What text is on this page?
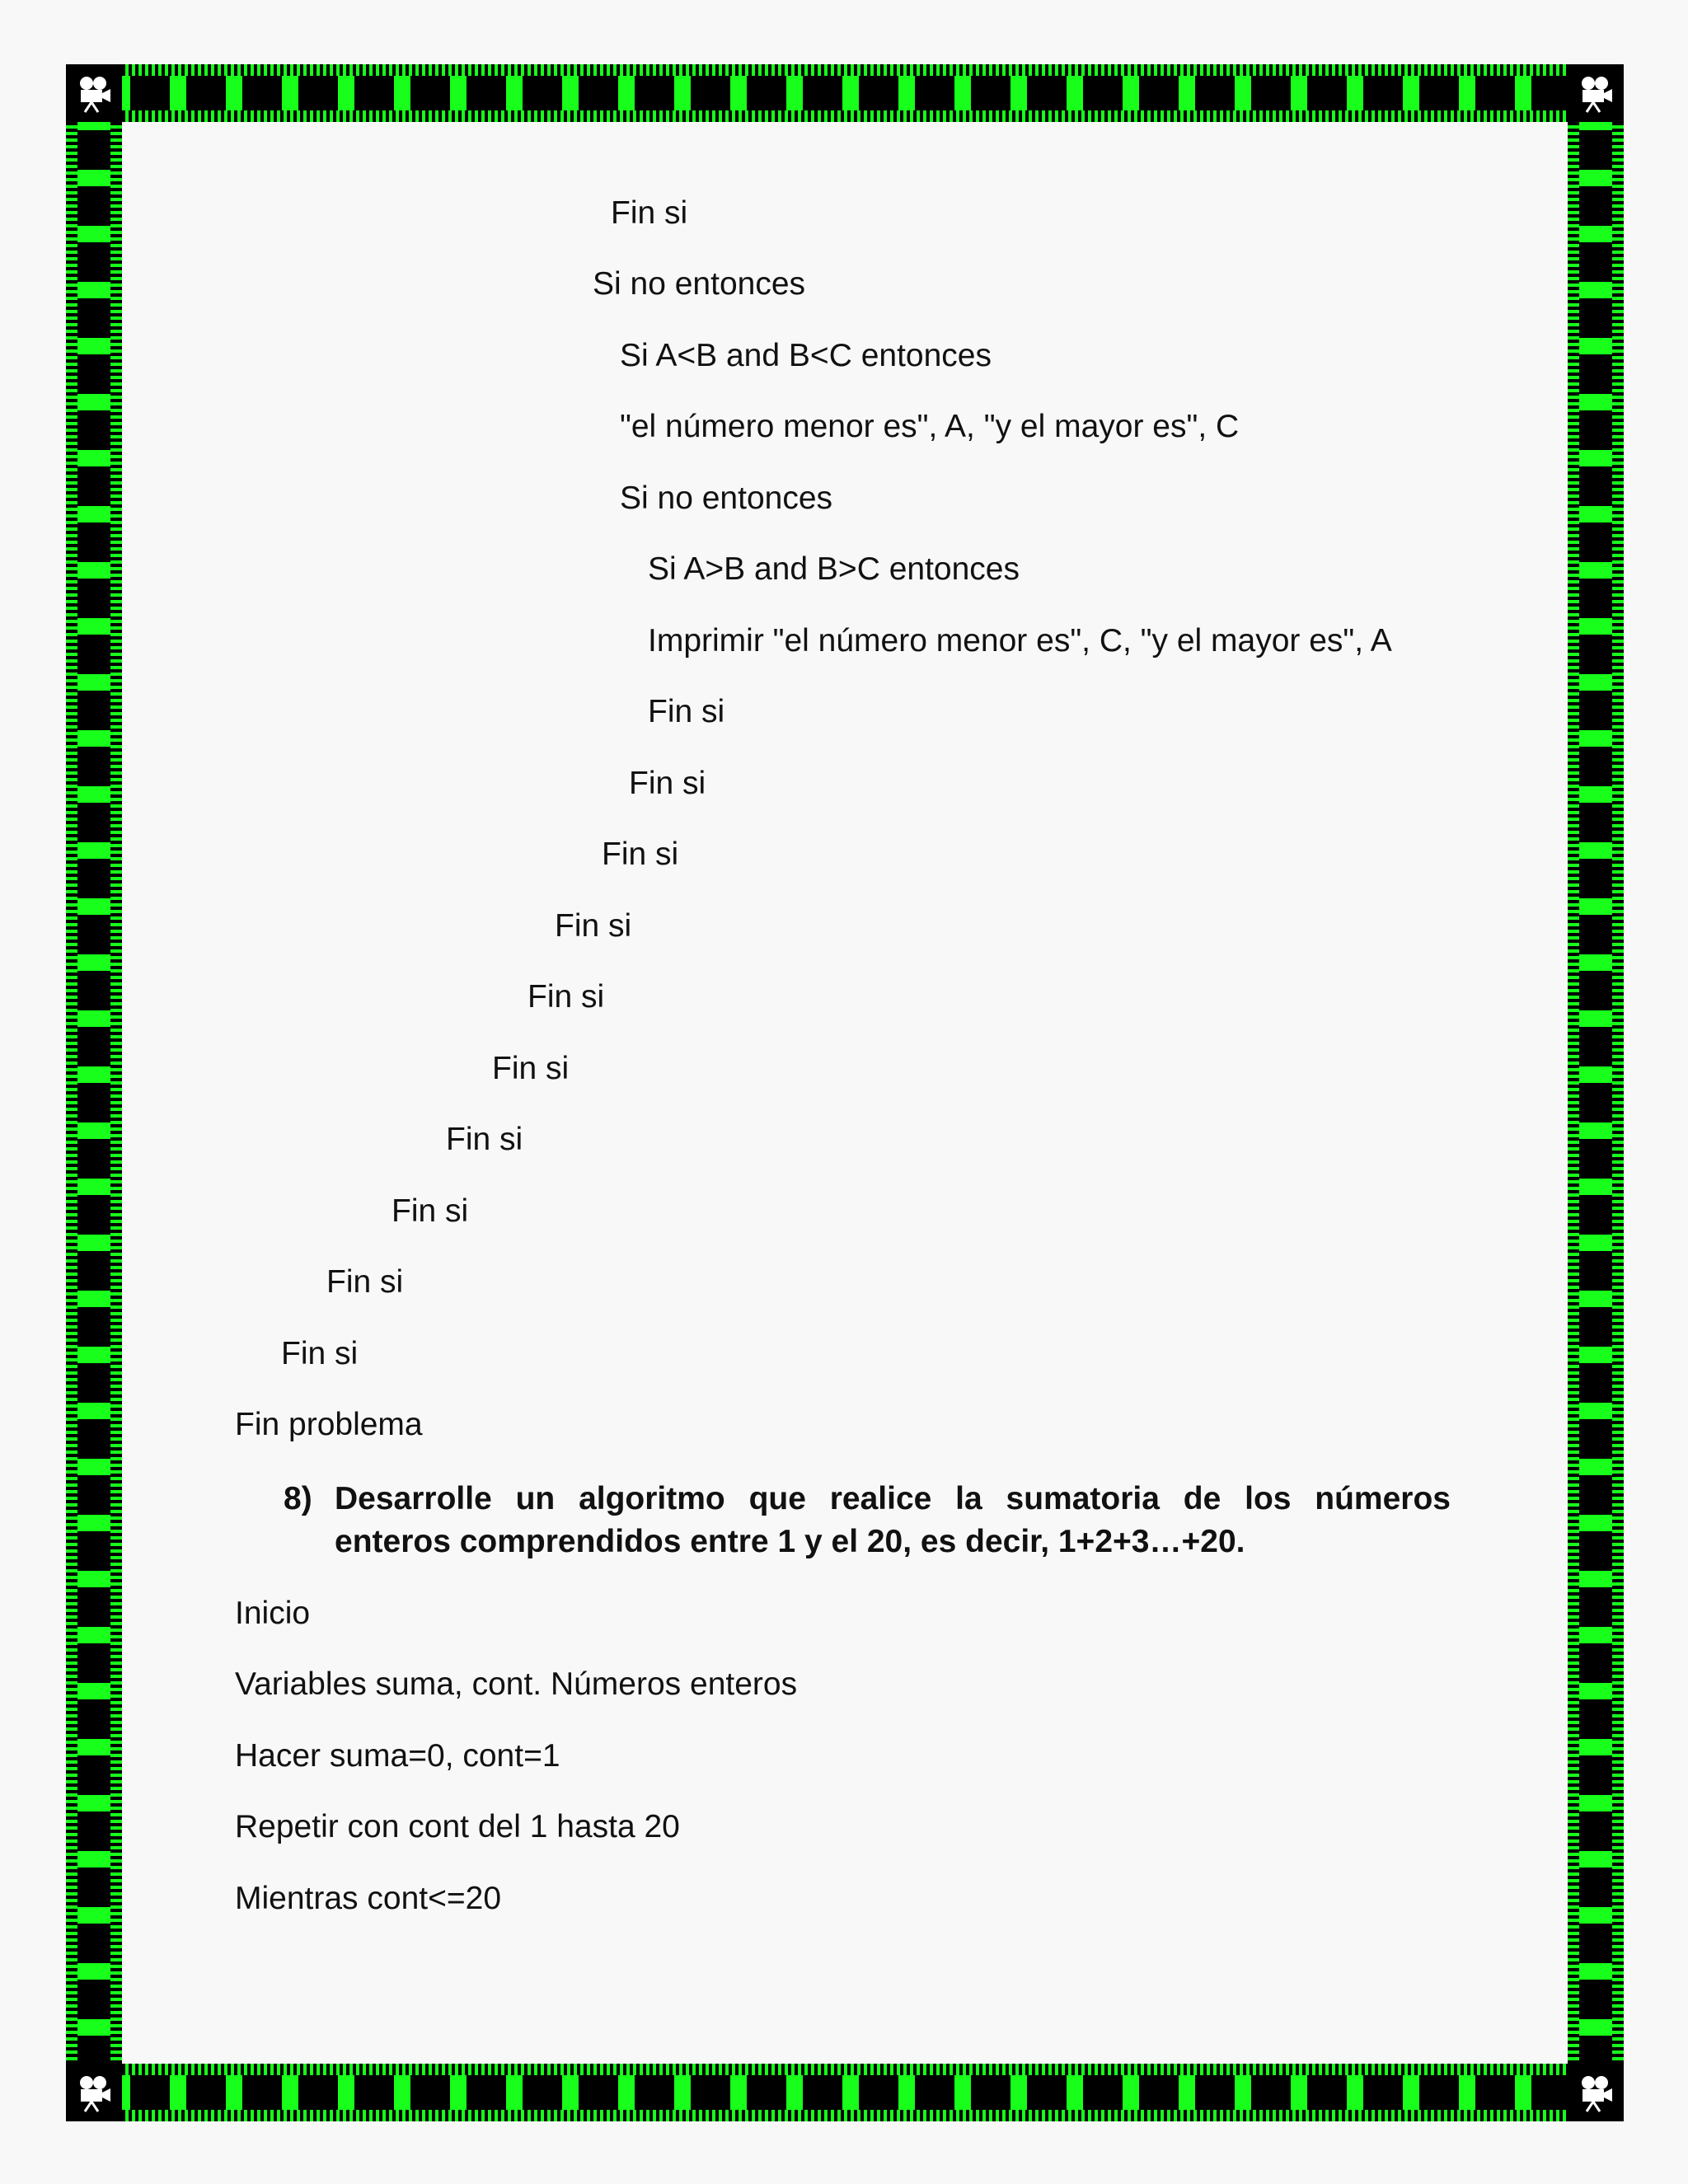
Fin si
Si no entonces
Si A<B and B<C entonces
"el número menor es", A, "y el mayor es", C
Si no entonces
Si A>B and B>C entonces
Imprimir "el número menor es", C, "y el mayor es", A
Fin si
Fin si
Fin si
Fin si
Fin si
Fin si
Fin si
Fin si
Fin si
Fin si
Fin problema
8) Desarrolle un algoritmo que realice la sumatoria de los números
enteros comprendidos entre 1 y el 20, es decir, 1+2+3…+20.
Inicio
Variables suma, cont. Números enteros
Hacer suma=0, cont=1
Repetir con cont del 1 hasta 20
Mientras cont<=20
